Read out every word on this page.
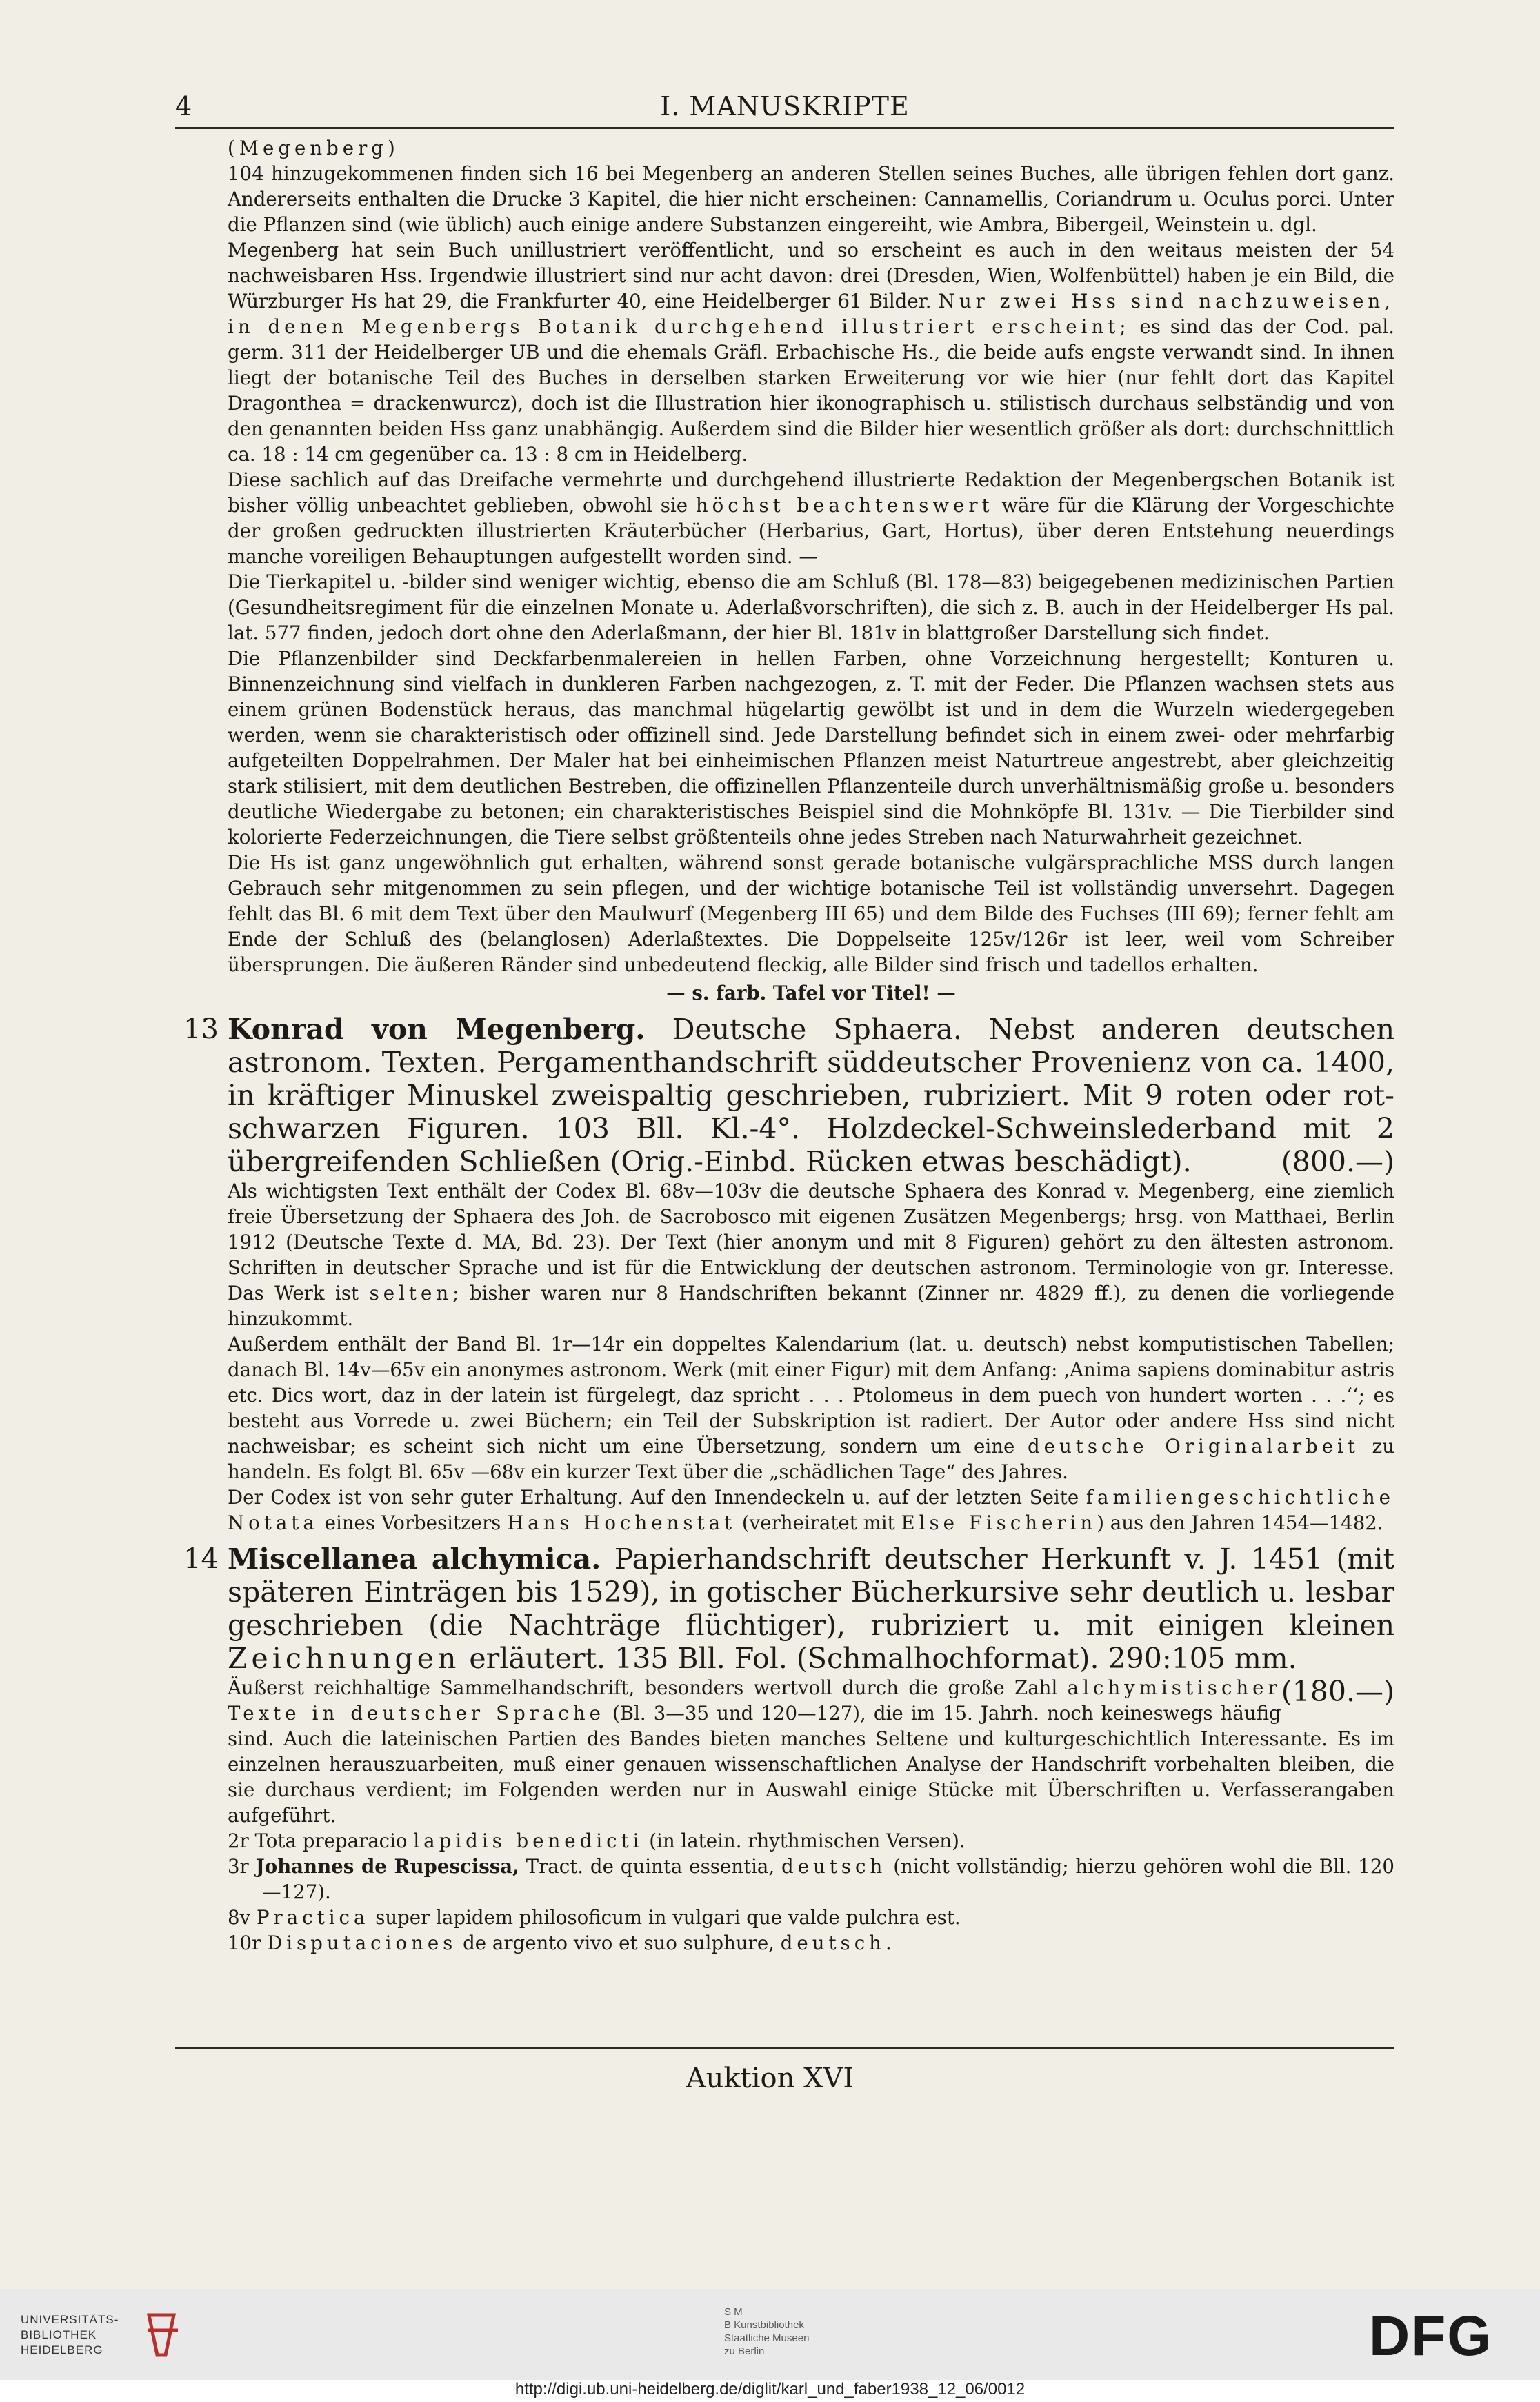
4	I. MANUSKRIPTE

(Megenberg)

104 hinzugekommenen finden sich 16 bei Megenberg an anderen Stellen seines Buches, alle übrigen fehlen dort ganz. Andererseits enthalten die Drucke 3 Kapitel, die hier nicht erscheinen: Cannamellis, Coriandrum u. Oculus porci. Unter die Pflanzen sind (wie üblich) auch einige andere Substanzen eingereiht, wie Ambra, Bibergeil, Weinstein u. dgl.

Megenberg hat sein Buch unillustriert veröffentlicht, und so erscheint es auch in den weitaus meisten der 54 nachweisbaren Hss. Irgendwie illustriert sind nur acht davon: drei (Dresden, Wien, Wolfenbüttel) haben je ein Bild, die Würzburger Hs hat 29, die Frankfurter 40, eine Heidelberger 61 Bilder. Nur zwei Hss sind nachzuweisen, in denen Megenbergs Botanik durchgehend illustriert erscheint; es sind das der Cod. pal. germ. 311 der Heidelberger UB und die ehemals Gräfl. Erbachische Hs., die beide aufs engste verwandt sind. In ihnen liegt der botanische Teil des Buches in derselben starken Erweiterung vor wie hier (nur fehlt dort das Kapitel Dragonthea = drackenwurcz), doch ist die Illustration hier ikonographisch u. stilistisch durchaus selbständig und von den genannten beiden Hss ganz unabhängig. Außerdem sind die Bilder hier wesentlich größer als dort: durchschnittlich ca. 18 : 14 cm gegenüber ca. 13 : 8 cm in Heidelberg.

Diese sachlich auf das Dreifache vermehrte und durchgehend illustrierte Redaktion der Megenbergschen Botanik ist bisher völlig unbeachtet geblieben, obwohl sie höchst beachtenswert wäre für die Klärung der Vorgeschichte der großen gedruckten illustrierten Kräuterbücher (Herbarius, Gart, Hortus), über deren Entstehung neuerdings manche voreiligen Behauptungen aufgestellt worden sind. —

Die Tierkapitel u. -bilder sind weniger wichtig, ebenso die am Schluß (Bl. 178—83) beigegebenen medizinischen Partien (Gesundheitsregiment für die einzelnen Monate u. Aderlaßvorschriften), die sich z. B. auch in der Heidelberger Hs pal. lat. 577 finden, jedoch dort ohne den Aderlaßmann, der hier Bl. 181v in blattgroßer Darstellung sich findet.

Die Pflanzenbilder sind Deckfarbenmalereien in hellen Farben, ohne Vorzeichnung hergestellt; Konturen u. Binnenzeichnung sind vielfach in dunkleren Farben nachgezogen, z. T. mit der Feder. Die Pflanzen wachsen stets aus einem grünen Bodenstück heraus, das manchmal hügelartig gewölbt ist und in dem die Wurzeln wiedergegeben werden, wenn sie charakteristisch oder offizinell sind. Jede Darstellung befindet sich in einem zwei- oder mehrfarbig aufgeteilten Doppelrahmen. Der Maler hat bei einheimischen Pflanzen meist Naturtreue angestrebt, aber gleichzeitig stark stilisiert, mit dem deutlichen Bestreben, die offizinellen Pflanzenteile durch unverhältnismäßig große u. besonders deutliche Wiedergabe zu betonen; ein charakteristisches Beispiel sind die Mohnköpfe Bl. 131v. — Die Tierbilder sind kolorierte Federzeichnungen, die Tiere selbst größtenteils ohne jedes Streben nach Naturwahrheit gezeichnet.

Die Hs ist ganz ungewöhnlich gut erhalten, während sonst gerade botanische vulgärsprachliche MSS durch langen Gebrauch sehr mitgenommen zu sein pflegen, und der wichtige botanische Teil ist vollständig unversehrt. Dagegen fehlt das Bl. 6 mit dem Text über den Maulwurf (Megenberg III 65) und dem Bilde des Fuchses (III 69); ferner fehlt am Ende der Schluß des (belanglosen) Aderlaßtextes. Die Doppelseite 125v/126r ist leer, weil vom Schreiber übersprungen. Die äußeren Ränder sind unbedeutend fleckig, alle Bilder sind frisch und tadellos erhalten.

— s. farb. Tafel vor Titel! —
13 Konrad von Megenberg. Deutsche Sphaera. Nebst anderen deutschen astronom. Texten. Pergamenthandschrift süddeutscher Provenienz von ca. 1400, in kräftiger Minuskel zweispaltig geschrieben, rubriziert. Mit 9 roten oder rot-schwarzen Figuren. 103 Bll. Kl.-4°. Holzdeckel-Schweinslederband mit 2 übergreifenden Schließen (Orig.-Einbd. Rücken etwas beschädigt).	(800.—)

Als wichtigsten Text enthält der Codex Bl. 68v—103v die deutsche Sphaera des Konrad v. Megenberg, eine ziemlich freie Übersetzung der Sphaera des Joh. de Sacrobosco mit eigenen Zusätzen Megenbergs; hrsg. von Matthaei, Berlin 1912 (Deutsche Texte d. MA, Bd. 23). Der Text (hier anonym und mit 8 Figuren) gehört zu den ältesten astronom. Schriften in deutscher Sprache und ist für die Entwicklung der deutschen astronom. Terminologie von gr. Interesse. Das Werk ist selten; bisher waren nur 8 Handschriften bekannt (Zinner nr. 4829 ff.), zu denen die vorliegende hinzukommt.

Außerdem enthält der Band Bl. 1r—14r ein doppeltes Kalendarium (lat. u. deutsch) nebst komputistischen Tabellen; danach Bl. 14v—65v ein anonymes astronom. Werk (mit einer Figur) mit dem Anfang: ‚Anima sapiens dominabitur astris etc. Dics wort, daz in der latein ist fürgelegt, daz spricht . . . Ptolomeus in dem puech von hundert worten . . .‘‘; es besteht aus Vorrede u. zwei Büchern; ein Teil der Subskription ist radiert. Der Autor oder andere Hss sind nicht nachweisbar; es scheint sich nicht um eine Übersetzung, sondern um eine deutsche Originalarbeit zu handeln. Es folgt Bl. 65v —68v ein kurzer Text über die „schädlichen Tage“ des Jahres.

Der Codex ist von sehr guter Erhaltung. Auf den Innendeckeln u. auf der letzten Seite familiengeschichtliche Notata eines Vorbesitzers Hans Hochenstat (verheiratet mit Else Fischerin) aus den Jahren 1454—1482.

14 Miscellanea alchymica. Papierhandschrift deutscher Herkunft v. J. 1451 (mit späteren Einträgen bis 1529), in gotischer Bücherkursive sehr deutlich u. lesbar geschrieben (die Nachträge flüchtiger), rubriziert u. mit einigen kleinen Zeichnungen erläutert. 135 Bll. Fol. (Schmalhochformat). 290:105 mm.
(180.—)

Äußerst reichhaltige Sammelhandschrift, besonders wertvoll durch die große Zahl alchymistischer Texte in deutscher Sprache (Bl. 3—35 und 120—127), die im 15. Jahrh. noch keineswegs häufig sind. Auch die lateinischen Partien des Bandes bieten manches Seltene und kulturgeschichtlich Interessante. Es im einzelnen herauszuarbeiten, muß einer genauen wissenschaftlichen Analyse der Handschrift vorbehalten bleiben, die sie durchaus verdient; im Folgenden werden nur in Auswahl einige Stücke mit Überschriften u. Verfasserangaben aufgeführt.

2r Tota preparacio lapidis benedicti (in latein. rhythmischen Versen).

3r Johannes de Rupescissa, Tract. de quinta essentia, deutsch (nicht vollständig; hierzu gehören wohl die Bll. 120—127).

8v Practica super lapidem philosoficum in vulgari que valde pulchra est.

10r Disputaciones de argento vivo et suo sulphure, deutsch.

Auktion XVI
UNIVERSITÄTS-
BIBLIOTHEK
HEIDELBERG
S M
B Kunstbibliothek
Staatliche Museen
zu Berlin	DFG
http://digi.ub.uni-heidelberg.de/diglit/karl_und_faber1938_12_06/0012
